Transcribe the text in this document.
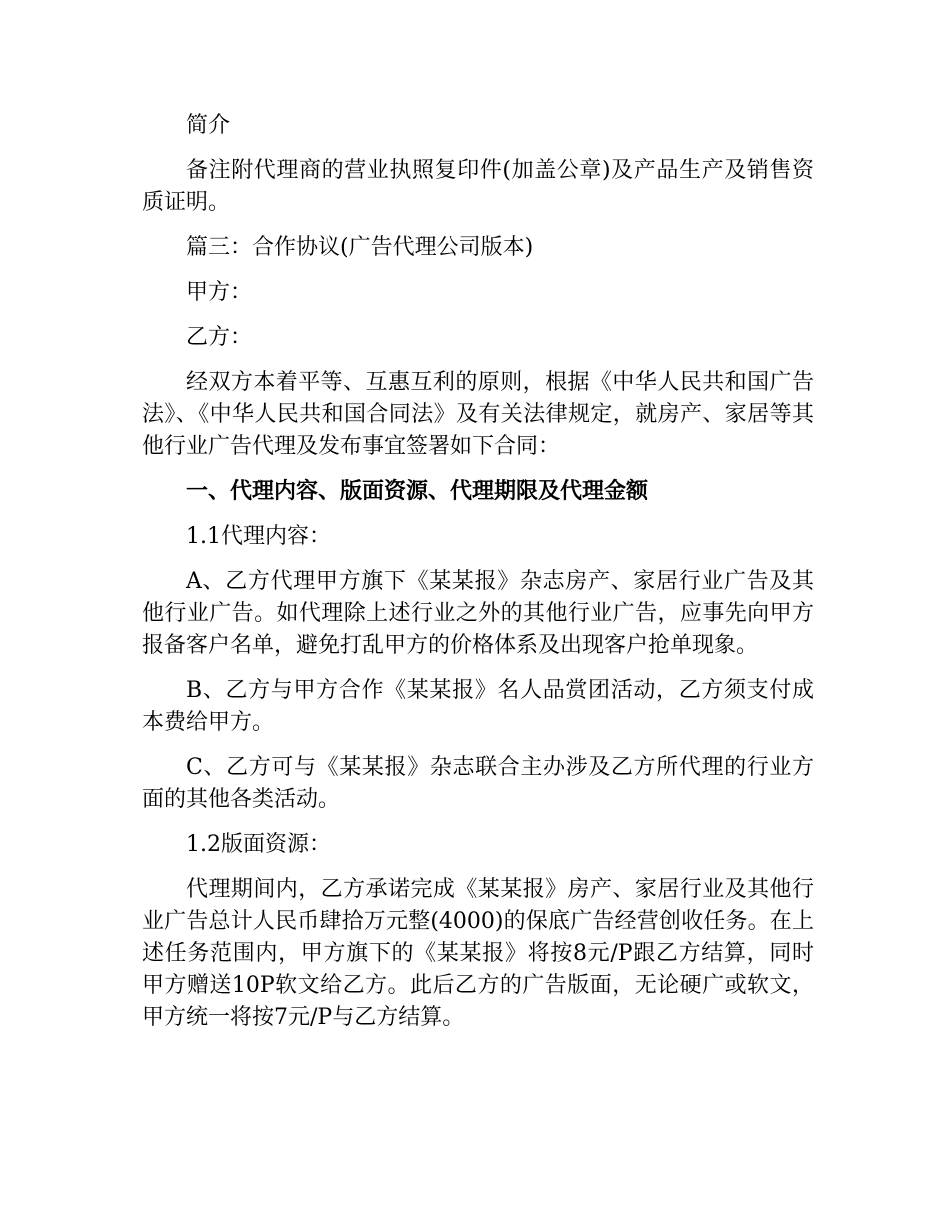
简介

备注附代理商的营业执照复印件(加盖公章)及产品生产及销售资质证明。

篇三：合作协议(广告代理公司版本)

甲方：

乙方：

经双方本着平等、互惠互利的原则，根据《中华人民共和国广告法》、《中华人民共和国合同法》及有关法律规定，就房产、家居等其他行业广告代理及发布事宜签署如下合同：

一、代理内容、版面资源、代理期限及代理金额

1.1代理内容：

A、乙方代理甲方旗下《某某报》杂志房产、家居行业广告及其他行业广告。如代理除上述行业之外的其他行业广告，应事先向甲方报备客户名单，避免打乱甲方的价格体系及出现客户抢单现象。

B、乙方与甲方合作《某某报》名人品赏团活动，乙方须支付成本费给甲方。

C、乙方可与《某某报》杂志联合主办涉及乙方所代理的行业方面的其他各类活动。

1.2版面资源：

代理期间内，乙方承诺完成《某某报》房产、家居行业及其他行业广告总计人民币肆拾万元整(4000)的保底广告经营创收任务。在上述任务范围内，甲方旗下的《某某报》将按8元/P跟乙方结算，同时甲方赠送10P软文给乙方。此后乙方的广告版面，无论硬广或软文，甲方统一将按7元/P与乙方结算。
